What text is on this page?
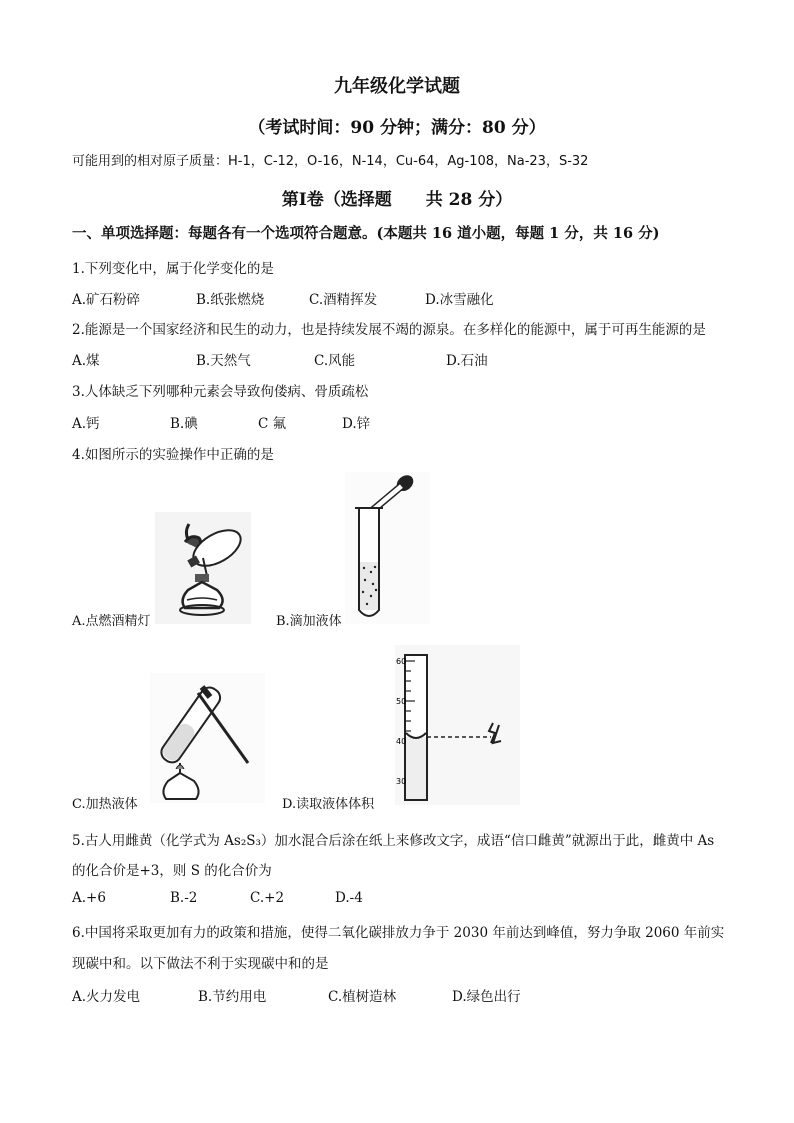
九年级化学试题
（考试时间：90 分钟；满分：80 分）
可能用到的相对原子质量：H-1，C-12，O-16，N-14，Cu-64，Ag-108，Na-23，S-32
第Ⅰ卷（选择题　　共 28 分）
一、单项选择题：每题各有一个选项符合题意。(本题共 16 道小题，每题 1 分，共 16 分)
1.下列变化中，属于化学变化的是
A.矿石粉碎	B.纸张燃烧	C.酒精挥发	D.冰雪融化
2.能源是一个国家经济和民生的动力，也是持续发展不竭的源泉。在多样化的能源中，属于可再生能源的是
A.煤	B.天然气	C.风能	D.石油
3.人体缺乏下列哪种元素会导致佝偻病、骨质疏松
A.钙	B.碘	C 氟	D.锌
4.如图所示的实验操作中正确的是
A.点燃酒精灯	B.滴加液体
C.加热液体
60
50
40
30
D.读取液体体积
5.古人用雌黄（化学式为 As₂S₃）加水混合后涂在纸上来修改文字，成语“信口雌黄”就源出于此，雌黄中 As
的化合价是+3，则 S 的化合价为
A.+6	B.-2	C.+2	D.-4
6.中国将采取更加有力的政策和措施，使得二氧化碳排放力争于 2030 年前达到峰值，努力争取 2060 年前实
现碳中和。以下做法不利于实现碳中和的是
A.火力发电	B.节约用电	C.植树造林	D.绿色出行
